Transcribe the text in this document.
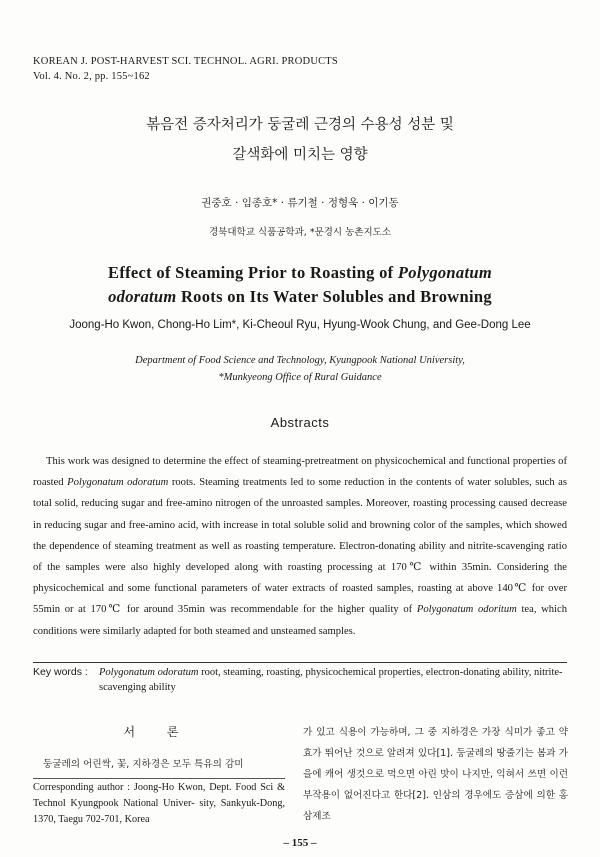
KOREAN J. POST-HARVEST SCI. TECHNOL. AGRI. PRODUCTS
Vol. 4. No. 2, pp. 155~162
볶음전 증자처리가 둥굴레 근경의 수용성 성분 및
갈색화에 미치는 영향
권중호 · 임종호* · 류기철 · 정형욱 · 이기동
경북대학교 식품공학과, *문경시 농촌지도소
Effect of Steaming Prior to Roasting of Polygonatum
odoratum Roots on Its Water Solubles and Browning
Joong-Ho Kwon, Chong-Ho Lim*, Ki-Cheoul Ryu, Hyung-Wook Chung, and Gee-Dong Lee
Department of Food Science and Technology, Kyungpook National University,
*Munkyeong Office of Rural Guidance
Abstracts

This work was designed to determine the effect of steaming-pretreatment on physicochemical and functional properties of roasted Polygonatum odoratum roots. Steaming treatments led to some reduction in the contents of water solubles, such as total solid, reducing sugar and free-amino nitrogen of the unroasted samples. Moreover, roasting processing caused decrease in reducing sugar and free-amino acid, with increase in total soluble solid and browning color of the samples, which showed the dependence of steaming treatment as well as roasting temperature. Electron-donating ability and nitrite-scavenging ratio of the samples were also highly developed along with roasting processing at 170℃ within 35min. Considering the physicochemical and some functional parameters of water extracts of roasted samples, roasting at above 140℃ for over 55min or at 170℃ for around 35min was recommendable for the higher quality of Polygonatum odoritum tea, which conditions were similarly adapted for both steamed and unsteamed samples.

Key words : Polygonatum odoratum root, steaming, roasting, physicochemical properties, electron-donating ability, nitrite-scavenging ability
서 론
둥굴레의 어린싹, 꽃, 지하경은 모두 특유의 감미
Corresponding author : Joong-Ho Kwon, Dept. Food Sci & Technol Kyungpook National Univer- sity, Sankyuk-Dong, 1370, Taegu 702-701, Korea
가 있고 식용이 가능하며, 그 중 지하경은 가장 식미가 좋고 약효가 뛰어난 것으로 알려져 있다[1]. 둥굴레의 땅줄기는 봄과 가을에 캐어 생것으로 먹으면 아린 맛이 나지만, 익혀서 쓰면 이런 부작용이 없어진다고 한다[2]. 인삼의 경우에도 증삼에 의한 홍삼제조
– 155 –
